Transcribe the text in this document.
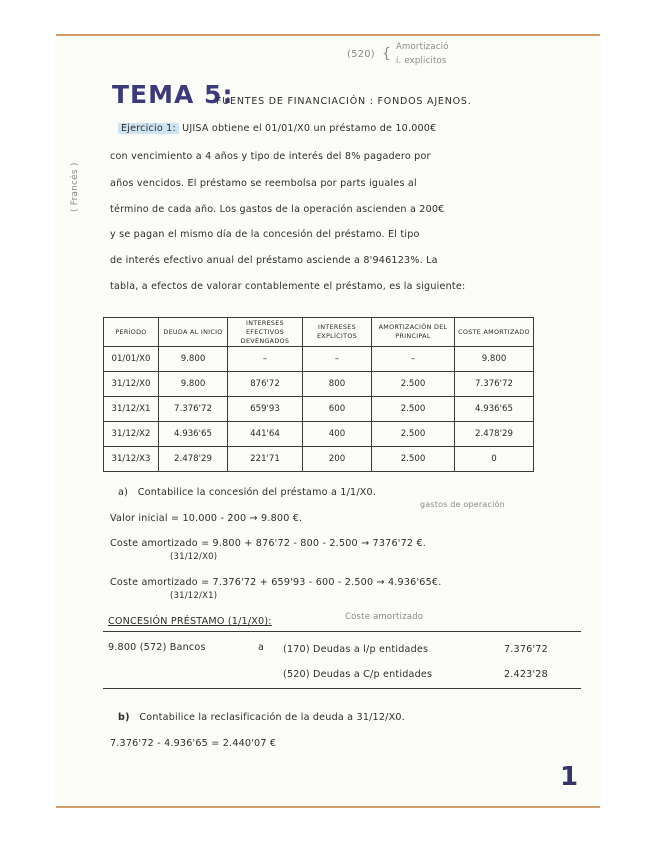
(520) { Amortizació
i. explicitos
TEMA 5:
FUENTES DE FINANCIACIÓN : FONDOS AJENOS.
( Francés )
Ejercicio 1: UJISA obtiene el 01/01/X0 un préstamo de 10.000€
con vencimiento a 4 años y tipo de interés del 8% pagadero por
años vencidos. El préstamo se reembolsa por parts iguales al
término de cada año. Los gastos de la operación ascienden a 200€
y se pagan el mismo día de la concesión del préstamo. El tipo
de interés efectivo anual del préstamo asciende a 8'946123%. La
tabla, a efectos de valorar contablemente el préstamo, es la siguiente:
PERÍODO	DEUDA AL INICIO	INTERESES EFECTIVOS DEVENGADOS	INTERESES EXPLÍCITOS	AMORTIZACIÓN DEL PRINCIPAL	COSTE AMORTIZADO
01/01/X0	9.800	–	–	–	9.800
31/12/X0	9.800	876'72	800	2.500	7.376'72
31/12/X1	7.376'72	659'93	600	2.500	4.936'65
31/12/X2	4.936'65	441'64	400	2.500	2.478'29
31/12/X3	2.478'29	221'71	200	2.500	0
a) Contabilice la concesión del préstamo a 1/1/X0.
Valor inicial = 10.000 - 200 → 9.800 €.
gastos de operación
Coste amortizado = 9.800 + 876'72 - 800 - 2.500 → 7376'72 €.
(31/12/X0)
Coste amortizado = 7.376'72 + 659'93 - 600 - 2.500 → 4.936'65€.
(31/12/X1)
CONCESIÓN PRÉSTAMO (1/1/X0):	Coste amortizado
9.800 (572) Bancos	a (170) Deudas a l/p entidades	7.376'72
(520) Deudas a C/p entidades	2.423'28
b) Contabilice la reclasificación de la deuda a 31/12/X0.
7.376'72 - 4.936'65 = 2.440'07 €
1
